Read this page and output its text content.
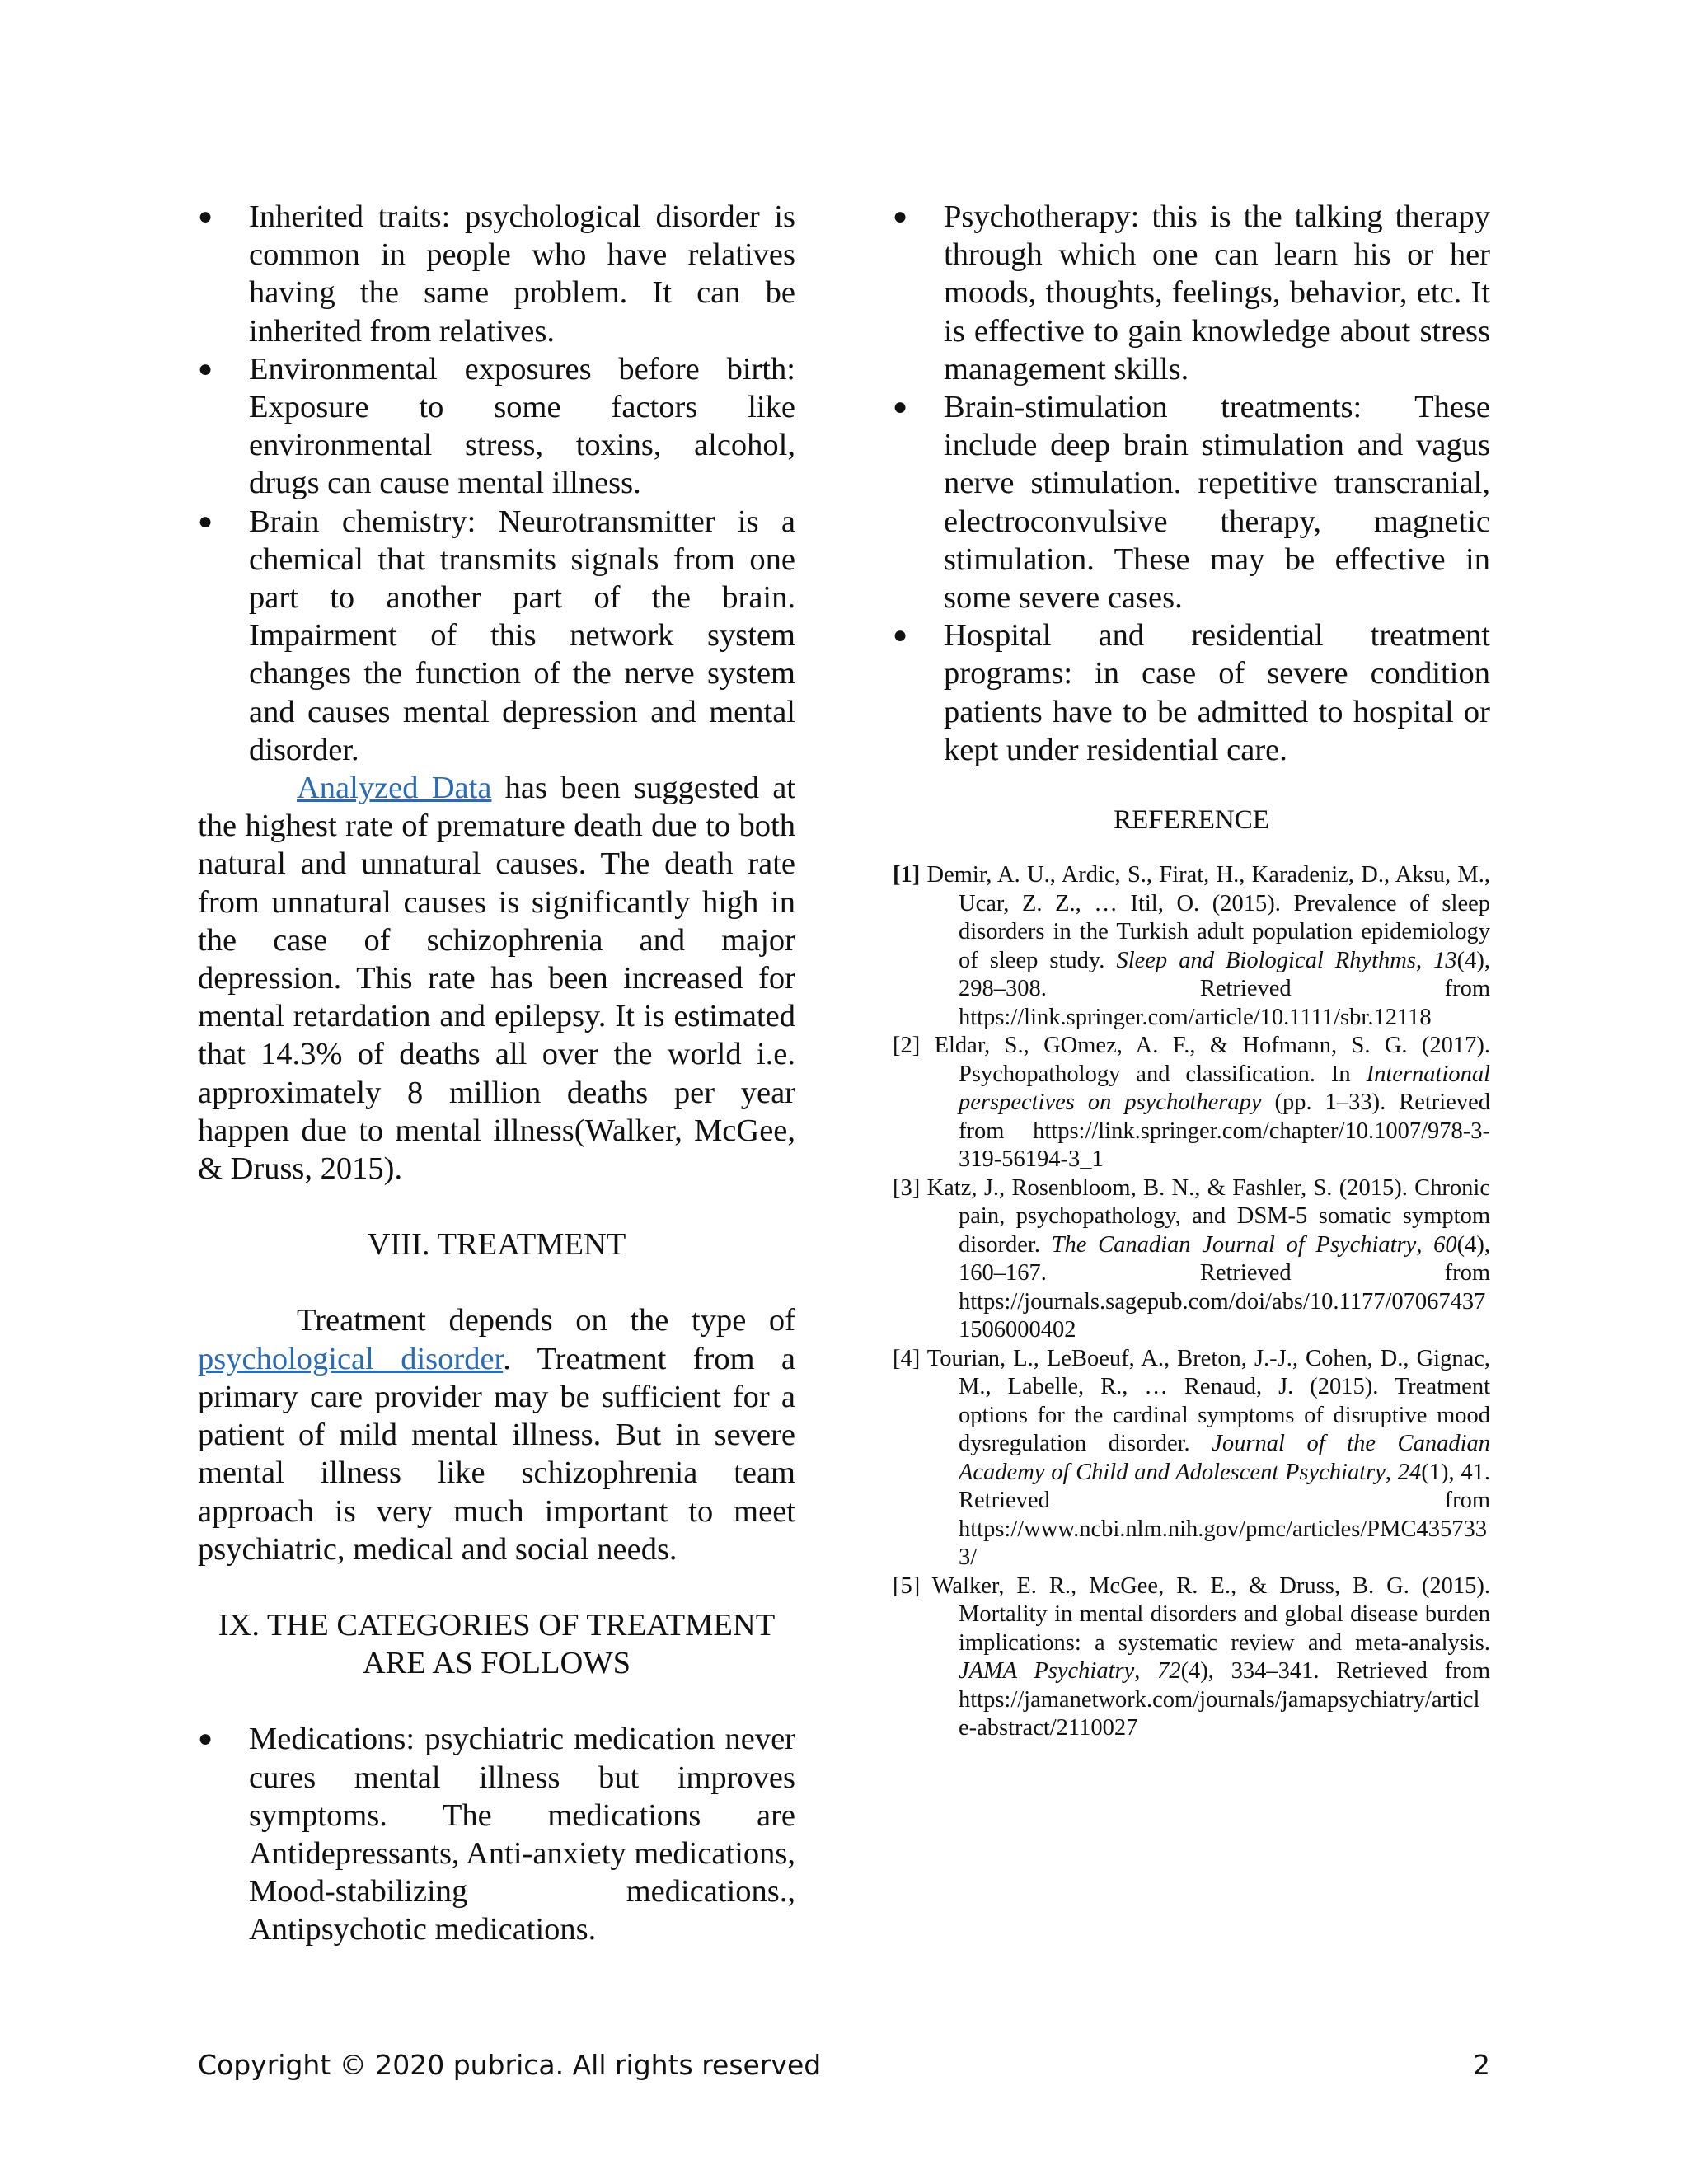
●	Inherited traits: psychological disorder is common in people who have relatives having the same problem. It can be inherited from relatives.
●	Environmental exposures before birth: Exposure to some factors like environmental stress, toxins, alcohol, drugs can cause mental illness.
●	Brain chemistry: Neurotransmitter is a chemical that transmits signals from one part to another part of the brain. Impairment of this network system changes the function of the nerve system and causes mental depression and mental disorder.

Analyzed Data has been suggested at the highest rate of premature death due to both natural and unnatural causes. The death rate from unnatural causes is significantly high in the case of schizophrenia and major depression. This rate has been increased for mental retardation and epilepsy. It is estimated that 14.3% of deaths all over the world i.e. approximately 8 million deaths per year happen due to mental illness(Walker, McGee, & Druss, 2015).

VIII. TREATMENT

Treatment depends on the type of psychological disorder. Treatment from a primary care provider may be sufficient for a patient of mild mental illness. But in severe mental illness like schizophrenia team approach is very much important to meet psychiatric, medical and social needs.

IX. THE CATEGORIES OF TREATMENT
ARE AS FOLLOWS
●	Medications: psychiatric medication never cures mental illness but improves symptoms. The medications are Antidepressants, Anti-anxiety medications, Mood-stabilizing medications., Antipsychotic medications.
●	Psychotherapy: this is the talking therapy through which one can learn his or her moods, thoughts, feelings, behavior, etc. It is effective to gain knowledge about stress management skills.
●	Brain-stimulation treatments: These include deep brain stimulation and vagus nerve stimulation. repetitive transcranial, electroconvulsive therapy, magnetic stimulation. These may be effective in some severe cases.
●	Hospital and residential treatment programs: in case of severe condition patients have to be admitted to hospital or kept under residential care.

REFERENCE

[1] Demir, A. U., Ardic, S., Firat, H., Karadeniz, D., Aksu, M., Ucar, Z. Z., … Itil, O. (2015). Prevalence of sleep disorders in the Turkish adult population epidemiology of sleep study. Sleep and Biological Rhythms, 13(4), 298–308. Retrieved from https://link.springer.com/article/10.1111/sbr.12118
[2] Eldar, S., GOmez, A. F., & Hofmann, S. G. (2017). Psychopathology and classification. In International perspectives on psychotherapy (pp. 1–33). Retrieved from https://link.springer.com/chapter/10.1007/978-3-319-56194-3_1
[3] Katz, J., Rosenbloom, B. N., & Fashler, S. (2015). Chronic pain, psychopathology, and DSM-5 somatic symptom disorder. The Canadian Journal of Psychiatry, 60(4), 160–167. Retrieved from https://journals.sagepub.com/doi/abs/10.1177/070674371506000402
[4] Tourian, L., LeBoeuf, A., Breton, J.-J., Cohen, D., Gignac, M., Labelle, R., … Renaud, J. (2015). Treatment options for the cardinal symptoms of disruptive mood dysregulation disorder. Journal of the Canadian Academy of Child and Adolescent Psychiatry, 24(1), 41. Retrieved from https://www.ncbi.nlm.nih.gov/pmc/articles/PMC4357333/
[5] Walker, E. R., McGee, R. E., & Druss, B. G. (2015). Mortality in mental disorders and global disease burden implications: a systematic review and meta-analysis. JAMA Psychiatry, 72(4), 334–341. Retrieved from https://jamanetwork.com/journals/jamapsychiatry/article-abstract/2110027
Copyright © 2020 pubrica. All rights reserved	2
